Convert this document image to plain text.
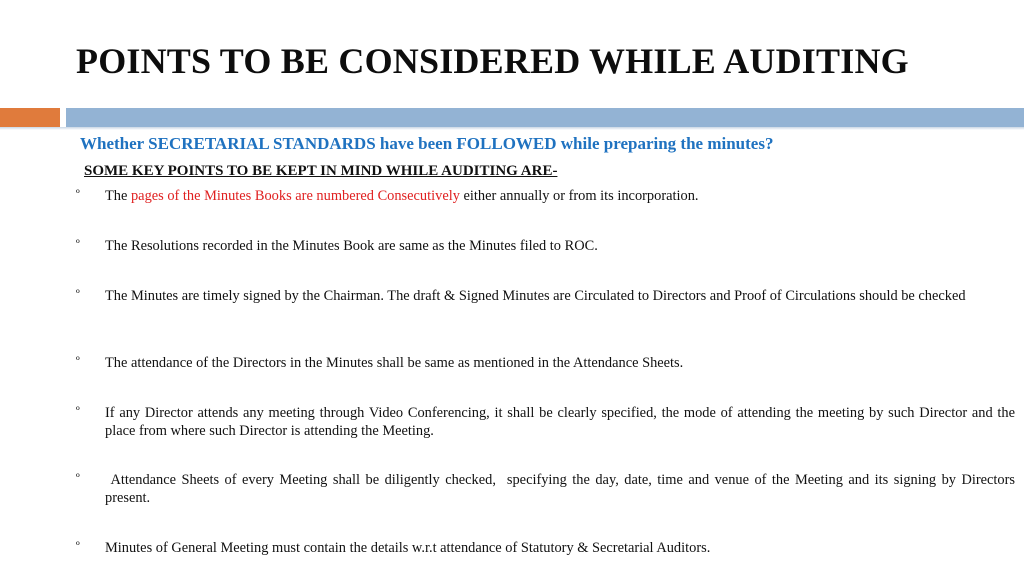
POINTS TO BE CONSIDERED WHILE AUDITING
Whether SECRETARIAL STANDARDS have been FOLLOWED while preparing the minutes?
SOME KEY POINTS TO BE KEPT IN MIND WHILE AUDITING ARE-
º The pages of the Minutes Books are numbered Consecutively either annually or from its incorporation.
º The Resolutions recorded in the Minutes Book are same as the Minutes filed to ROC.
º The Minutes are timely signed by the Chairman. The draft & Signed Minutes are Circulated to Directors and Proof of Circulations should be checked
º The attendance of the Directors in the Minutes shall be same as mentioned in the Attendance Sheets.
º If any Director attends any meeting through Video Conferencing, it shall be clearly specified, the mode of attending the meeting by such Director and the place from where such Director is attending the Meeting.
º Attendance Sheets of every Meeting shall be diligently checked,  specifying the day, date, time and venue of the Meeting and its signing by Directors present.
º Minutes of General Meeting must contain the details w.r.t attendance of Statutory & Secretarial Auditors.
